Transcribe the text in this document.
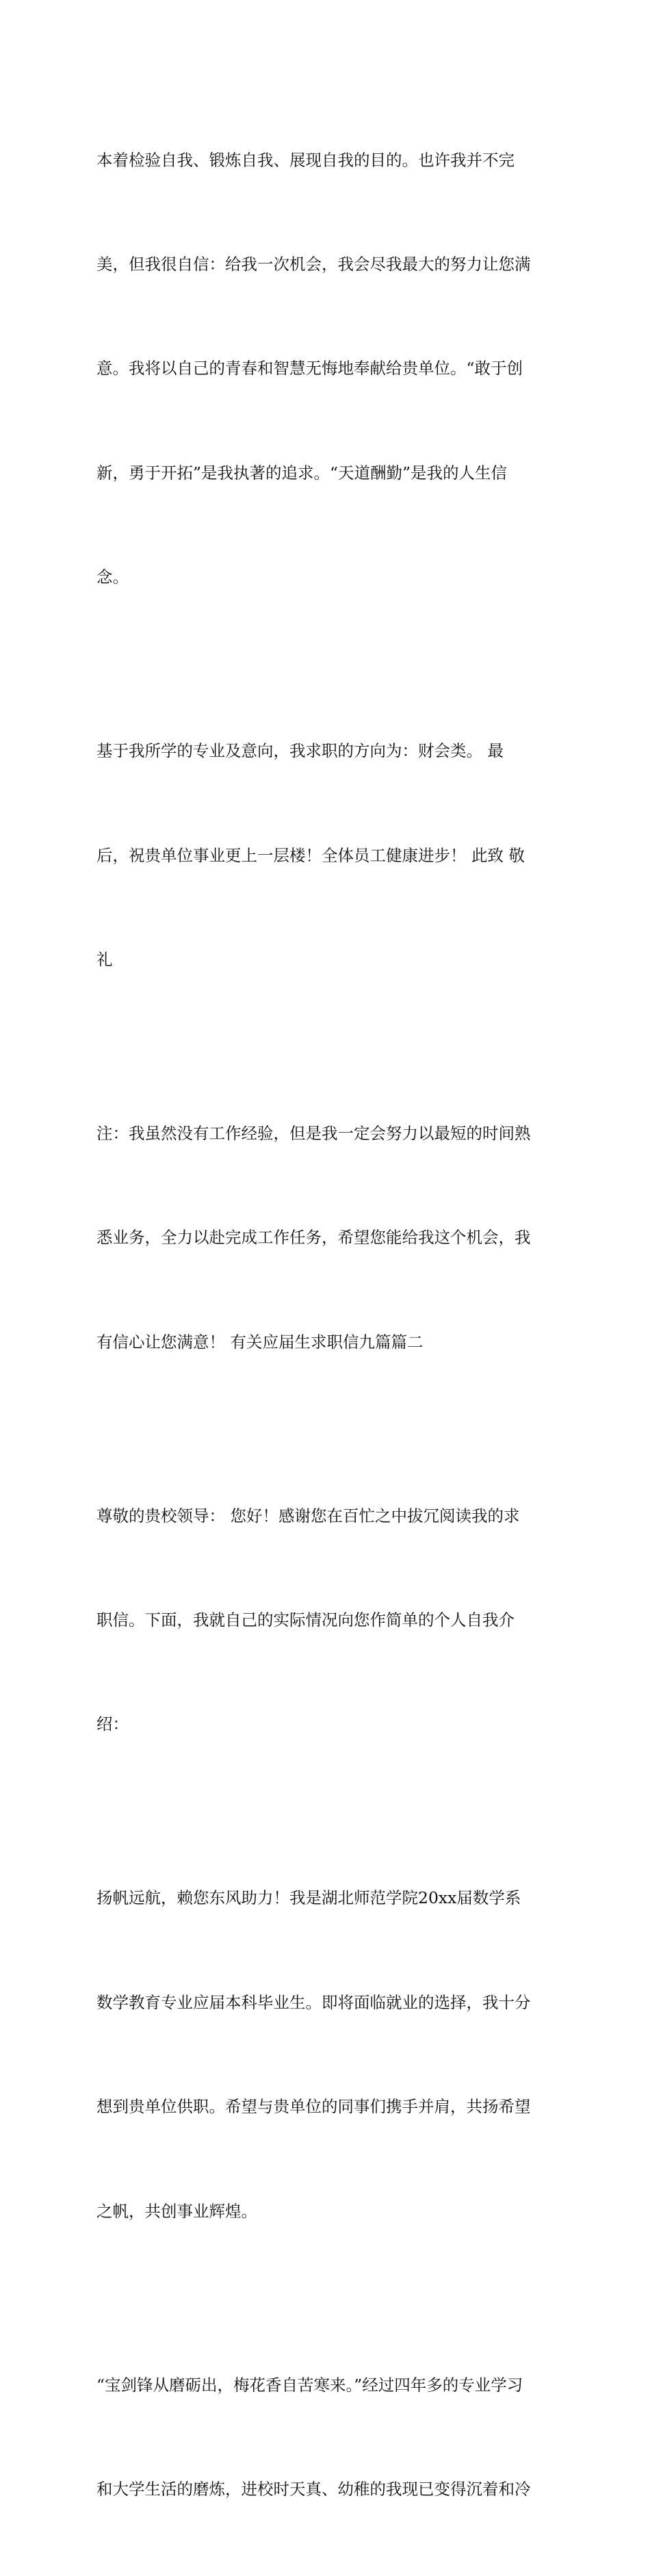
本着检验自我、锻炼自我、展现自我的目的。也许我并不完

美，但我很自信：给我一次机会，我会尽我最大的努力让您满

意。我将以自己的青春和智慧无悔地奉献给贵单位。“敢于创

新，勇于开拓”是我执著的追求。“天道酬勤”是我的人生信

念。

基于我所学的专业及意向，我求职的方向为：财会类。 最

后，祝贵单位事业更上一层楼！全体员工健康进步！ 此致 敬

礼

注：我虽然没有工作经验，但是我一定会努力以最短的时间熟

悉业务，全力以赴完成工作任务，希望您能给我这个机会，我

有信心让您满意！ 有关应届生求职信九篇篇二

尊敬的贵校领导： 您好！感谢您在百忙之中拔冗阅读我的求

职信。下面，我就自己的实际情况向您作简单的个人自我介

绍：

扬帆远航，赖您东风助力！我是湖北师范学院20xx届数学系

数学教育专业应届本科毕业生。即将面临就业的选择，我十分

想到贵单位供职。希望与贵单位的同事们携手并肩，共扬希望

之帆，共创事业辉煌。

“宝剑锋从磨砺出，梅花香自苦寒来。”经过四年多的专业学习

和大学生活的磨炼，进校时天真、幼稚的我现已变得沉着和冷
